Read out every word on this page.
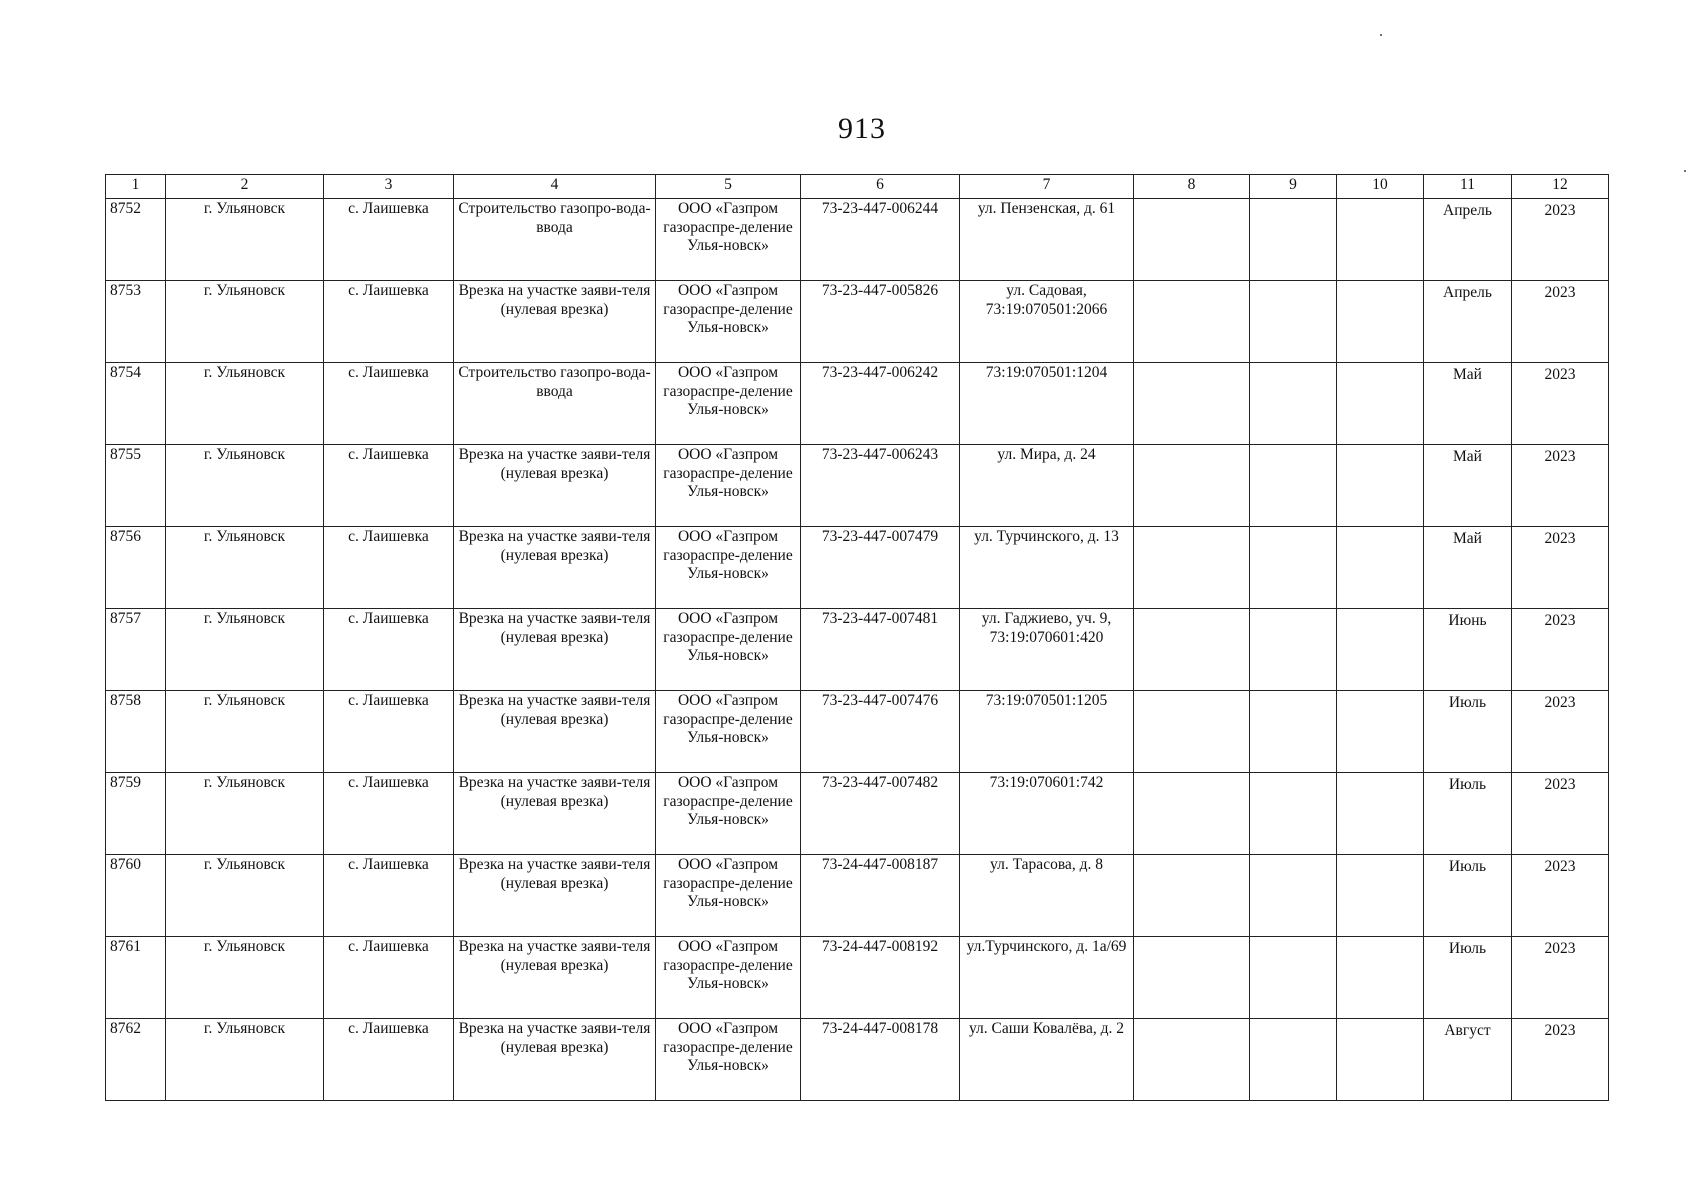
913
1	2	3	4	5	6	7	8	9	10	11	12
8752	г. Ульяновск	с. Лаишевка	Строительство газопро-вода-ввода	ООО «Газпром газораспре-деление Улья-новск»	73-23-447-006244	ул. Пензенская, д. 61				Апрель	2023
8753	г. Ульяновск	с. Лаишевка	Врезка на участке заяви-теля (нулевая врезка)	ООО «Газпром газораспре-деление Улья-новск»	73-23-447-005826	ул. Садовая, 73:19:070501:2066				Апрель	2023
8754	г. Ульяновск	с. Лаишевка	Строительство газопро-вода-ввода	ООО «Газпром газораспре-деление Улья-новск»	73-23-447-006242	73:19:070501:1204				Май	2023
8755	г. Ульяновск	с. Лаишевка	Врезка на участке заяви-теля (нулевая врезка)	ООО «Газпром газораспре-деление Улья-новск»	73-23-447-006243	ул. Мира, д. 24				Май	2023
8756	г. Ульяновск	с. Лаишевка	Врезка на участке заяви-теля (нулевая врезка)	ООО «Газпром газораспре-деление Улья-новск»	73-23-447-007479	ул. Турчинского, д. 13				Май	2023
8757	г. Ульяновск	с. Лаишевка	Врезка на участке заяви-теля (нулевая врезка)	ООО «Газпром газораспре-деление Улья-новск»	73-23-447-007481	ул. Гаджиево, уч. 9, 73:19:070601:420				Июнь	2023
8758	г. Ульяновск	с. Лаишевка	Врезка на участке заяви-теля (нулевая врезка)	ООО «Газпром газораспре-деление Улья-новск»	73-23-447-007476	73:19:070501:1205				Июль	2023
8759	г. Ульяновск	с. Лаишевка	Врезка на участке заяви-теля (нулевая врезка)	ООО «Газпром газораспре-деление Улья-новск»	73-23-447-007482	73:19:070601:742				Июль	2023
8760	г. Ульяновск	с. Лаишевка	Врезка на участке заяви-теля (нулевая врезка)	ООО «Газпром газораспре-деление Улья-новск»	73-24-447-008187	ул. Тарасова, д. 8				Июль	2023
8761	г. Ульяновск	с. Лаишевка	Врезка на участке заяви-теля (нулевая врезка)	ООО «Газпром газораспре-деление Улья-новск»	73-24-447-008192	ул.Турчинского, д. 1а/69				Июль	2023
8762	г. Ульяновск	с. Лаишевка	Врезка на участке заяви-теля (нулевая врезка)	ООО «Газпром газораспре-деление Улья-новск»	73-24-447-008178	ул. Саши Ковалёва, д. 2				Август	2023
